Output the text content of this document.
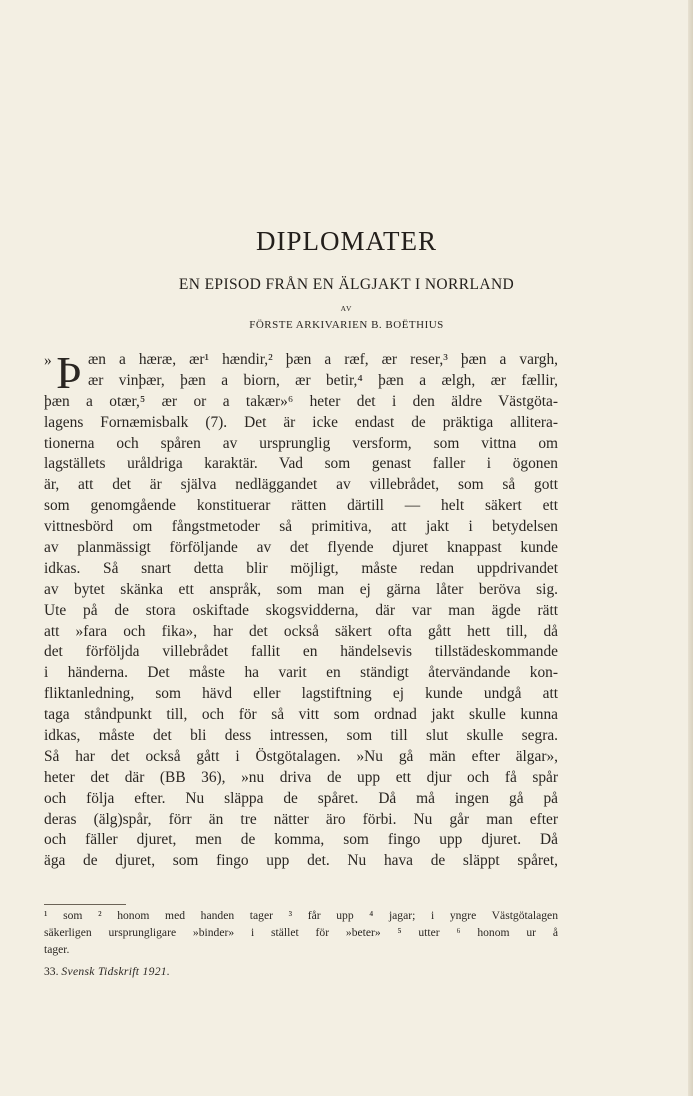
DIPLOMATER
EN EPISOD FRÅN EN ÄLGJAKT I NORRLAND
AV
FÖRSTE ARKIVARIEN B. BOËTHIUS
» Þ æn a hæræ, ær¹ hændir,² þæn a ræf, ær reser,³ þæn a vargh,
ær vinþær, þæn a biorn, ær betir,⁴ þæn a ælgh, ær fællir,
þæn a otær,⁵ ær or a takær»⁶ heter det i den äldre Västgöta-
lagens Fornæmisbalk (7). Det är icke endast de präktiga allitera-
tionerna och spåren av ursprunglig versform, som vittna om
lagställets uråldriga karaktär. Vad som genast faller i ögonen
är, att det är själva nedläggandet av villebrådet, som så gott
som genomgående konstituerar rätten därtill — helt säkert ett
vittnesbörd om fångstmetoder så primitiva, att jakt i betydelsen
av planmässigt förföljande av det flyende djuret knappast kunde
idkas. Så snart detta blir möjligt, måste redan uppdrivandet
av bytet skänka ett anspråk, som man ej gärna låter beröva sig.
Ute på de stora oskiftade skogsvidderna, där var man ägde rätt
att »fara och fika», har det också säkert ofta gått hett till, då
det förföljda villebrådet fallit en händelsevis tillstädeskommande
i händerna. Det måste ha varit en ständigt återvändande kon-
fliktanledning, som hävd eller lagstiftning ej kunde undgå att
taga ståndpunkt till, och för så vitt som ordnad jakt skulle kunna
idkas, måste det bli dess intressen, som till slut skulle segra.
Så har det också gått i Östgötalagen. »Nu gå män efter älgar»,
heter det där (BB 36), »nu driva de upp ett djur och få spår
och följa efter. Nu släppa de spåret. Då må ingen gå på
deras (älg)spår, förr än tre nätter äro förbi. Nu går man efter
och fäller djuret, men de komma, som fingo upp djuret. Då
äga de djuret, som fingo upp det. Nu hava de släppt spåret,
¹ som ² honom med handen tager ³ får upp ⁴ jagar; i yngre Västgötalagen
säkerligen ursprungligare »binder» i stället för »beter» ⁵ utter ⁶ honom ur å
tager.
33. Svensk Tidskrift 1921.
